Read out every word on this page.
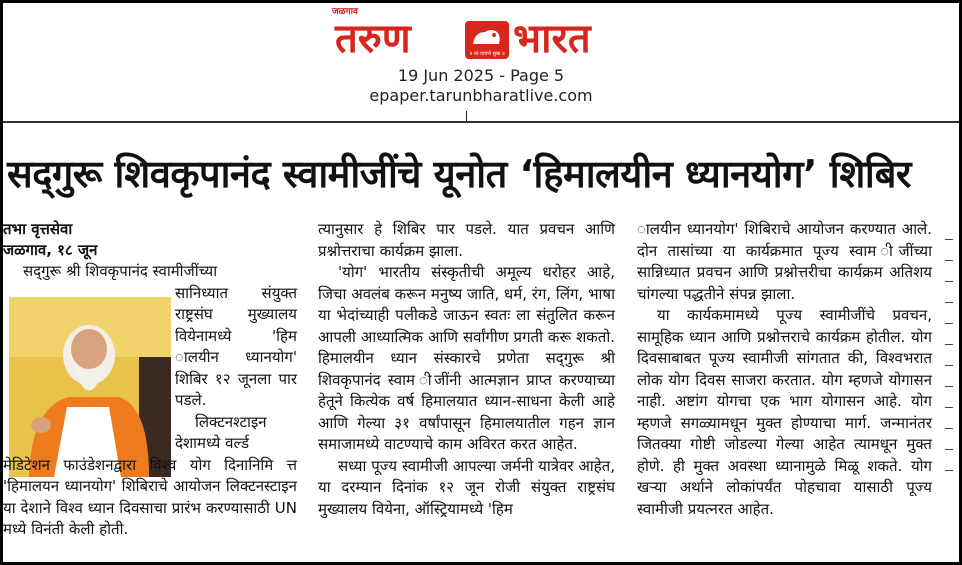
तरुण	॥ स्व वाचणे सुख ॥ भारत
जळगाव
19 Jun 2025 - Page 5
epaper.tarunbharatlive.com
सद्‌गुरू शिवकृपानंद स्वामीजींचे यूनोत ‘हिमालयीन ध्यानयोग’ शिबिर

तभा वृत्तसेवा

जळगाव, १८ जून

सद्‌गुरू श्री शिवकृपानंद स्वामीजींच्या

सानिध्यात संयुक्त राष्ट्रसंघ मुख्यालय वियेनामध्ये 'हिम ालयीन ध्यानयोग' शिबिर १२ जूनला पार पडले.

लिक्टनश्टाइन देशामध्ये वर्ल्ड

मेडिटेशन फाउंडेशनद्वारा विश्व योग दिनानिमि त्त 'हिमालयन ध्यानयोग' शिबिराचे आयोजन लिक्टनस्टाइन या देशाने विश्व ध्यान दिवसाचा प्रारंभ करण्यासाठी UN मध्ये विनंती केली होती.

त्यानुसार हे शिबिर पार पडले. यात प्रवचन आणि प्रश्नोत्तराचा कार्यक्रम झाला.

'योग' भारतीय संस्कृतीची अमूल्य धरोहर आहे, जिचा अवलंब करून मनुष्य जाति, धर्म, रंग, लिंग, भाषा या भेदांच्याही पलीकडे जाऊन स्वतः ला संतुलित करून आपली आध्यात्मिक आणि सर्वांगीण प्रगती करू शकतो. हिमालयीन ध्यान संस्कारचे प्रणेता सद्‌गुरू श्री शिवकृपानंद स्वाम ीजींनी आत्मज्ञान प्राप्त करण्याच्या हेतूने कित्येक वर्ष हिमालयात ध्यान-साधना केली आहे आणि गेल्या ३१ वर्षांपासून हिमालयातील गहन ज्ञान समाजामध्ये वाटण्याचे काम अविरत करत आहेत.

सध्या पूज्य स्वामीजी आपल्या जर्मनी यात्रेवर आहेत, या दरम्यान दिनांक १२ जून रोजी संयुक्त राष्ट्रसंघ मुख्यालय वियेना, ऑस्ट्रियामध्ये 'हिम

ालयीन ध्यानयोग' शिबिराचे आयोजन करण्यात आले. दोन तासांच्या या कार्यक्रमात पूज्य स्वाम ीजींच्या सान्निध्यात प्रवचन आणि प्रश्नोत्तरीचा कार्यक्रम अतिशय चांगल्या पद्धतीने संपन्न झाला.

या कार्यकमामध्ये पूज्य स्वामीजींचे प्रवचन, सामूहिक ध्यान आणि प्रश्नोत्तराचे कार्यक्रम होतील. योग दिवसाबाबत पूज्य स्वामीजी सांगतात की, विश्वभरात लोक योग दिवस साजरा करतात. योग म्हणजे योगासन नाही. अष्टांग योगचा एक भाग योगासन आहे. योग म्हणजे सगळ्यामधून मुक्त होण्याचा मार्ग. जन्मानंतर जितक्या गोष्टी जोडल्या गेल्या आहेत त्यामधून मुक्त होणे. ही मुक्त अवस्था ध्यानामुळे मिळू शकते. योग खऱ्या अर्थाने लोकांपर्यंत पोहचावा यासाठी पूज्य स्वामीजी प्रयत्नरत आहेत.
